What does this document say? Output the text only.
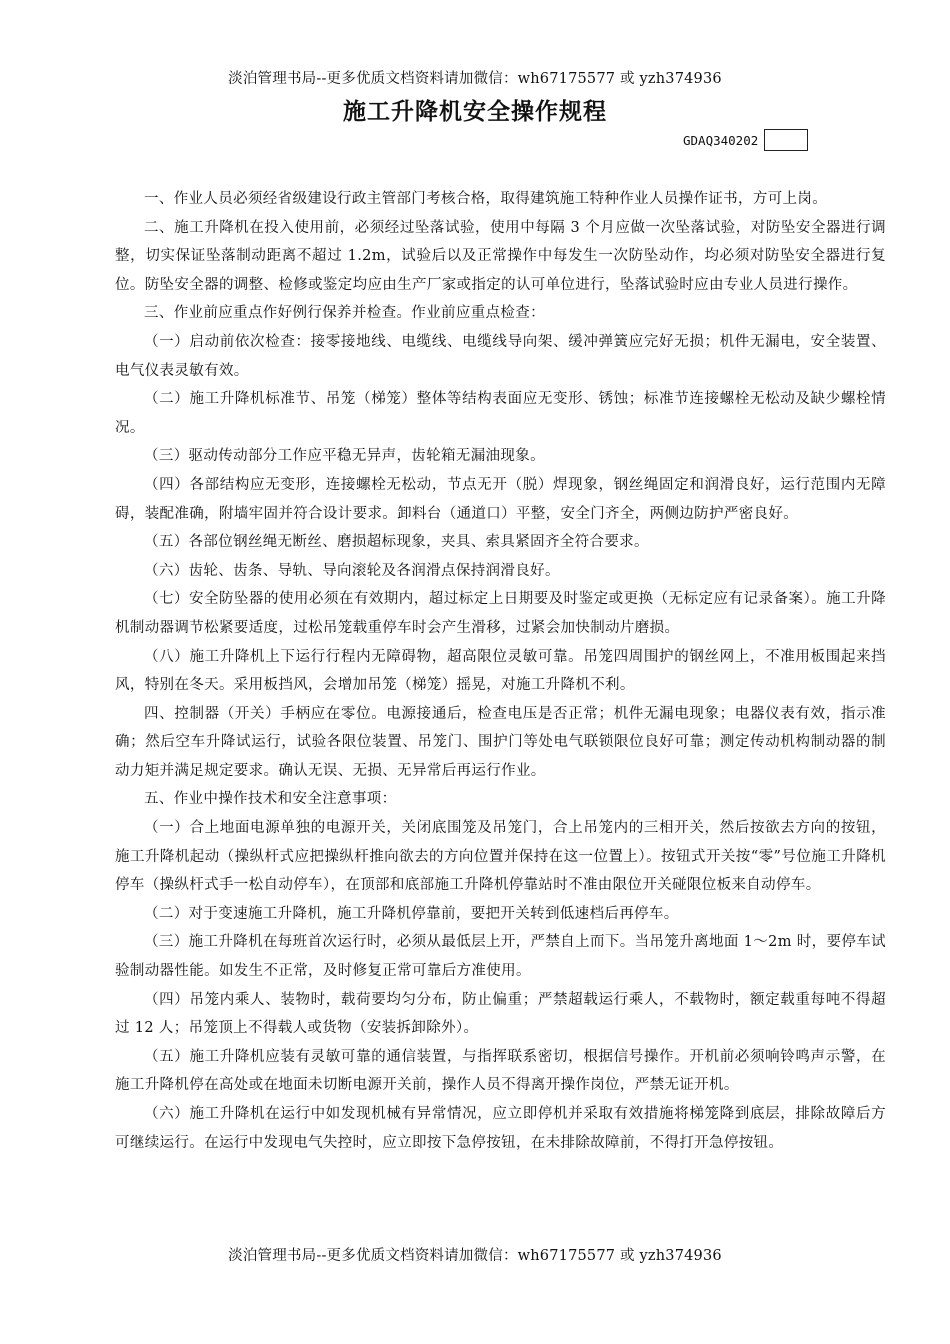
淡泊管理书局--更多优质文档资料请加微信：wh67175577 或 yzh374936
施工升降机安全操作规程
GDAQ340202

一、作业人员必须经省级建设行政主管部门考核合格，取得建筑施工特种作业人员操作证书，方可上岗。

二、施工升降机在投入使用前，必须经过坠落试验，使用中每隔 3 个月应做一次坠落试验，对防坠安全器进行调整，切实保证坠落制动距离不超过 1.2m，试验后以及正常操作中每发生一次防坠动作，均必须对防坠安全器进行复位。防坠安全器的调整、检修或鉴定均应由生产厂家或指定的认可单位进行，坠落试验时应由专业人员进行操作。

三、作业前应重点作好例行保养并检查。作业前应重点检查：

（一）启动前依次检查：接零接地线、电缆线、电缆线导向架、缓冲弹簧应完好无损；机件无漏电，安全装置、电气仪表灵敏有效。

（二）施工升降机标准节、吊笼（梯笼）整体等结构表面应无变形、锈蚀；标准节连接螺栓无松动及缺少螺栓情况。

（三）驱动传动部分工作应平稳无异声，齿轮箱无漏油现象。

（四）各部结构应无变形，连接螺栓无松动，节点无开（脱）焊现象，钢丝绳固定和润滑良好，运行范围内无障碍，装配准确，附墙牢固并符合设计要求。卸料台（通道口）平整，安全门齐全，两侧边防护严密良好。

（五）各部位钢丝绳无断丝、磨损超标现象，夹具、索具紧固齐全符合要求。

（六）齿轮、齿条、导轨、导向滚轮及各润滑点保持润滑良好。

（七）安全防坠器的使用必须在有效期内，超过标定上日期要及时鉴定或更换（无标定应有记录备案）。施工升降机制动器调节松紧要适度，过松吊笼载重停车时会产生滑移，过紧会加快制动片磨损。

（八）施工升降机上下运行行程内无障碍物，超高限位灵敏可靠。吊笼四周围护的钢丝网上，不准用板围起来挡风，特别在冬天。采用板挡风，会增加吊笼（梯笼）摇晃，对施工升降机不利。

四、控制器（开关）手柄应在零位。电源接通后，检查电压是否正常；机件无漏电现象；电器仪表有效，指示准确；然后空车升降试运行，试验各限位装置、吊笼门、围护门等处电气联锁限位良好可靠；测定传动机构制动器的制动力矩并满足规定要求。确认无误、无损、无异常后再运行作业。

五、作业中操作技术和安全注意事项：

（一）合上地面电源单独的电源开关，关闭底围笼及吊笼门，合上吊笼内的三相开关，然后按欲去方向的按钮，施工升降机起动（操纵杆式应把操纵杆推向欲去的方向位置并保持在这一位置上）。按钮式开关按“零”号位施工升降机停车（操纵杆式手一松自动停车），在顶部和底部施工升降机停靠站时不准由限位开关碰限位板来自动停车。

（二）对于变速施工升降机，施工升降机停靠前，要把开关转到低速档后再停车。

（三）施工升降机在每班首次运行时，必须从最低层上开，严禁自上而下。当吊笼升离地面 1～2m 时，要停车试验制动器性能。如发生不正常，及时修复正常可靠后方准使用。

（四）吊笼内乘人、装物时，载荷要均匀分布，防止偏重；严禁超载运行乘人，不载物时，额定载重每吨不得超过 12 人；吊笼顶上不得载人或货物（安装拆卸除外）。

（五）施工升降机应装有灵敏可靠的通信装置，与指挥联系密切，根据信号操作。开机前必须响铃鸣声示警，在施工升降机停在高处或在地面未切断电源开关前，操作人员不得离开操作岗位，严禁无证开机。

（六）施工升降机在运行中如发现机械有异常情况，应立即停机并采取有效措施将梯笼降到底层，排除故障后方可继续运行。在运行中发现电气失控时，应立即按下急停按钮，在未排除故障前，不得打开急停按钮。

淡泊管理书局--更多优质文档资料请加微信：wh67175577 或 yzh374936
